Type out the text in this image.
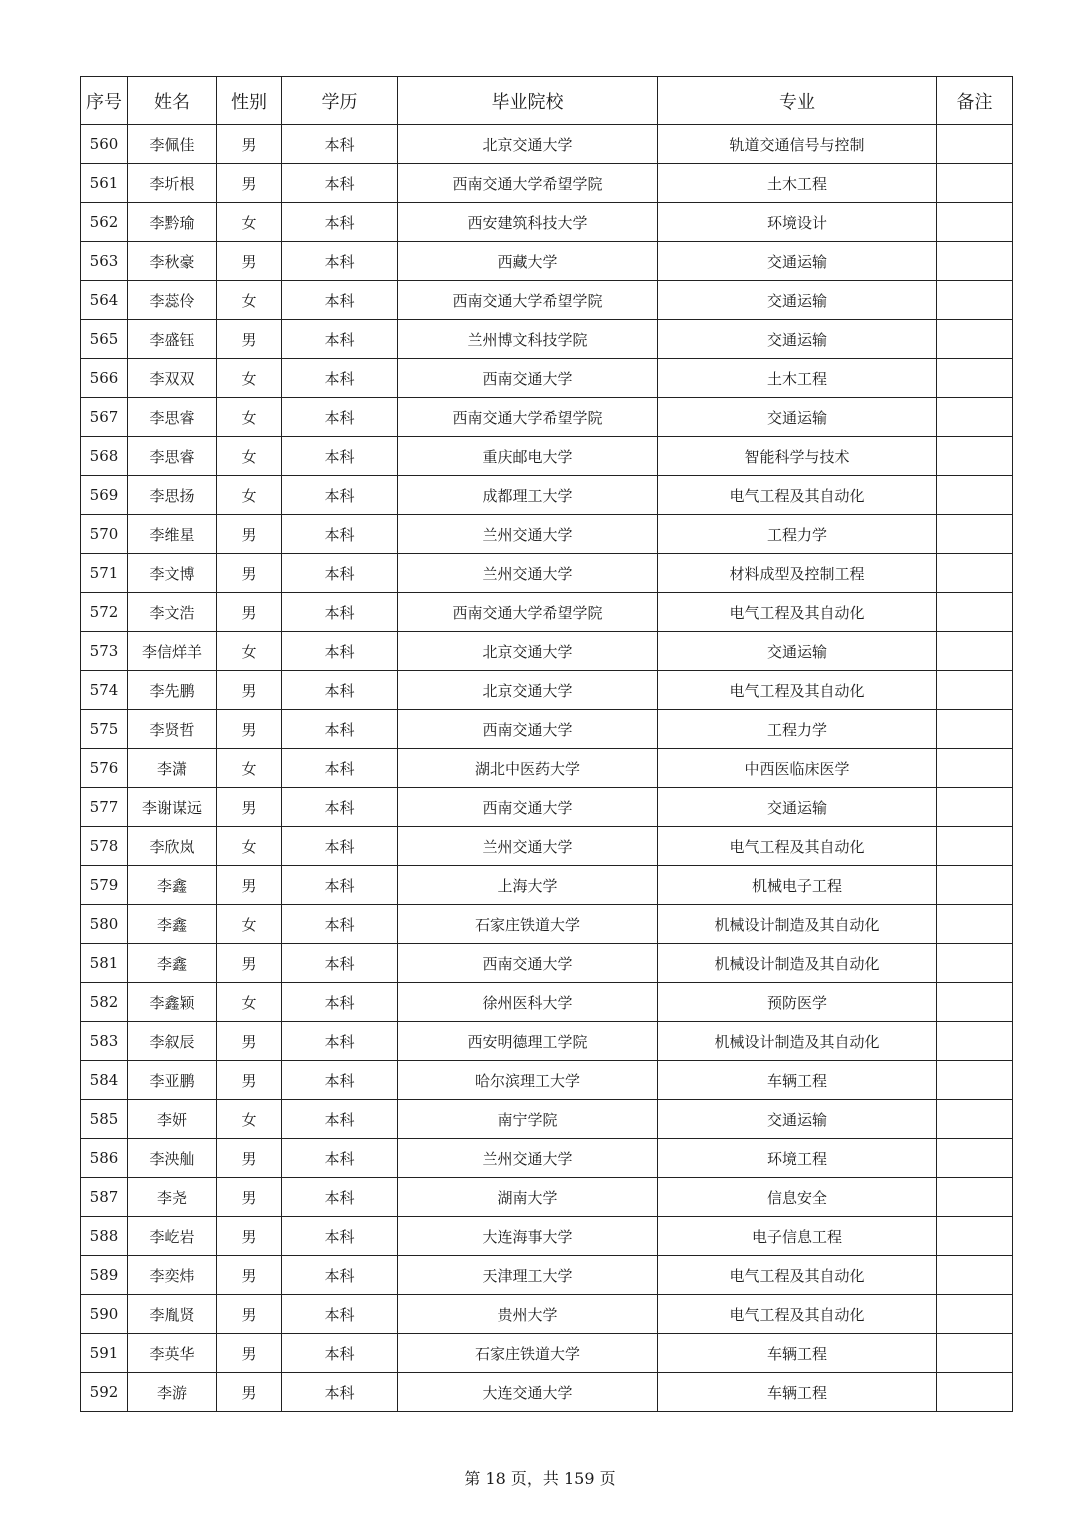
序号	姓名	性别	学历	毕业院校	专业	备注
560	李佩佳	男	本科	北京交通大学	轨道交通信号与控制	
561	李圻根	男	本科	西南交通大学希望学院	土木工程	
562	李黔瑜	女	本科	西安建筑科技大学	环境设计	
563	李秋豪	男	本科	西藏大学	交通运输	
564	李蕊伶	女	本科	西南交通大学希望学院	交通运输	
565	李盛钰	男	本科	兰州博文科技学院	交通运输	
566	李双双	女	本科	西南交通大学	土木工程	
567	李思睿	女	本科	西南交通大学希望学院	交通运输	
568	李思睿	女	本科	重庆邮电大学	智能科学与技术	
569	李思扬	女	本科	成都理工大学	电气工程及其自动化	
570	李维星	男	本科	兰州交通大学	工程力学	
571	李文博	男	本科	兰州交通大学	材料成型及控制工程	
572	李文浩	男	本科	西南交通大学希望学院	电气工程及其自动化	
573	李信烊羊	女	本科	北京交通大学	交通运输	
574	李先鹏	男	本科	北京交通大学	电气工程及其自动化	
575	李贤哲	男	本科	西南交通大学	工程力学	
576	李潇	女	本科	湖北中医药大学	中西医临床医学	
577	李谢谋远	男	本科	西南交通大学	交通运输	
578	李欣岚	女	本科	兰州交通大学	电气工程及其自动化	
579	李鑫	男	本科	上海大学	机械电子工程	
580	李鑫	女	本科	石家庄铁道大学	机械设计制造及其自动化	
581	李鑫	男	本科	西南交通大学	机械设计制造及其自动化	
582	李鑫颖	女	本科	徐州医科大学	预防医学	
583	李叙辰	男	本科	西安明德理工学院	机械设计制造及其自动化	
584	李亚鹏	男	本科	哈尔滨理工大学	车辆工程	
585	李妍	女	本科	南宁学院	交通运输	
586	李泱舢	男	本科	兰州交通大学	环境工程	
587	李尧	男	本科	湖南大学	信息安全	
588	李屹岩	男	本科	大连海事大学	电子信息工程	
589	李奕炜	男	本科	天津理工大学	电气工程及其自动化	
590	李胤贤	男	本科	贵州大学	电气工程及其自动化	
591	李英华	男	本科	石家庄铁道大学	车辆工程	
592	李游	男	本科	大连交通大学	车辆工程	
第 18 页，共 159 页
